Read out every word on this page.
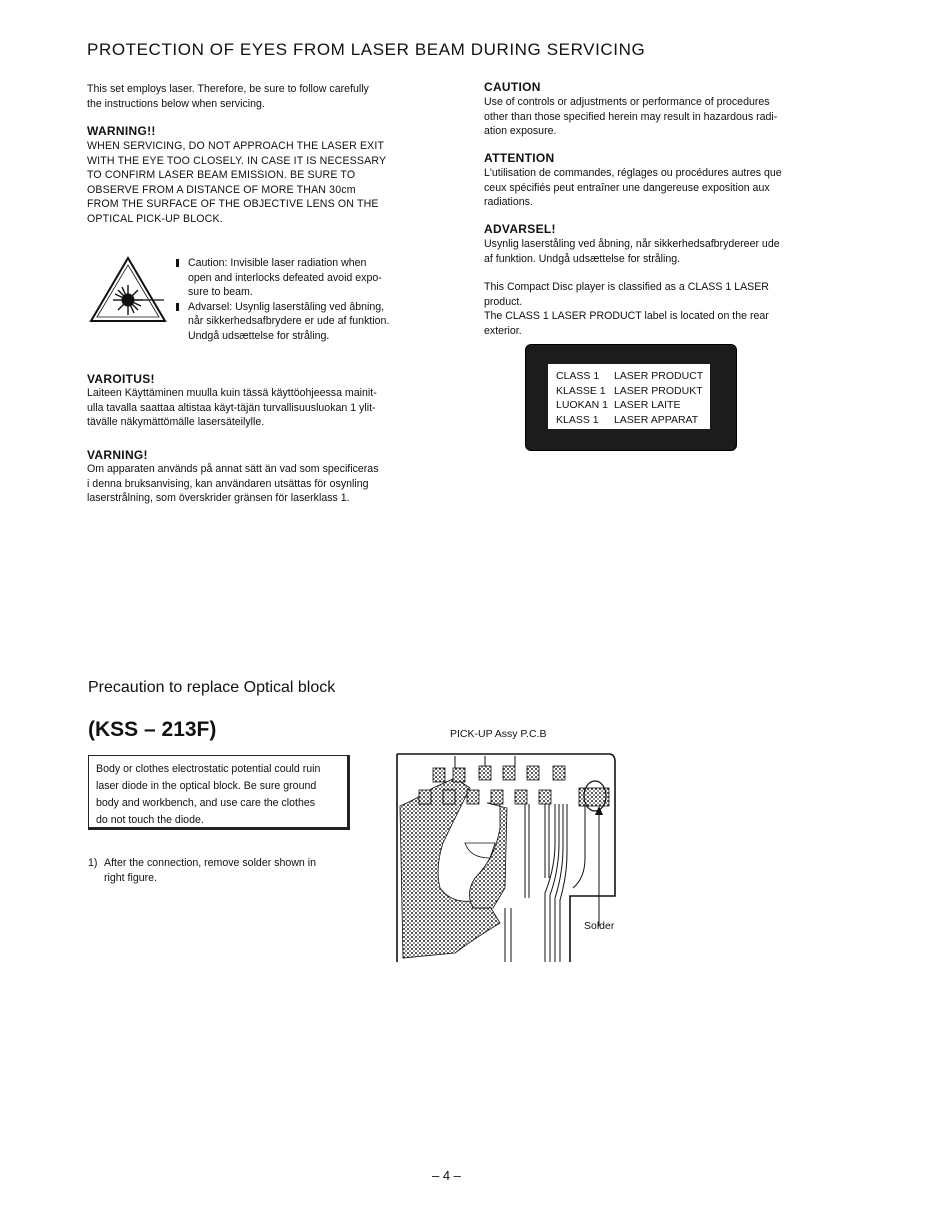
PROTECTION OF EYES FROM LASER BEAM DURING SERVICING
This set employs laser. Therefore, be sure to follow carefully
the instructions below when servicing.
WARNING!!
WHEN SERVICING, DO NOT APPROACH THE LASER EXIT
WITH THE EYE TOO CLOSELY. IN CASE IT IS NECESSARY
TO CONFIRM LASER BEAM EMISSION. BE SURE TO
OBSERVE FROM A DISTANCE OF MORE THAN 30cm
FROM THE SURFACE OF THE OBJECTIVE LENS ON THE
OPTICAL PICK-UP BLOCK.
Caution: Invisible laser radiation when
open and interlocks defeated avoid expo-
sure to beam.
Advarsel: Usynlig laserstâling ved âbning,
når sikkerhedsafbrydere er ude af funktion.
Undgå udsættelse for stråling.
VAROITUS!
Laiteen Käyttäminen muulla kuin tässä käyttöohjeessa mainit-
ulla tavalla saattaa altistaa käyt-täjän turvallisuusluokan 1 ylit-
tävälle näkymättömälle lasersäteilylle.
VARNING!
Om apparaten används på annat sätt än vad som specificeras
i denna bruksanvising, kan användaren utsättas för osynling
laserstrålning, som överskrider gränsen för laserklass 1.
CAUTION
Use of controls or adjustments or performance of procedures
other than those specified herein may result in hazardous radi-
ation exposure.
ATTENTION
L'utilisation de commandes, réglages ou procédures autres que
ceux spécifiés peut entraîner une dangereuse exposition aux
radiations.
ADVARSEL!
Usynlig laserståling ved åbning, når sikkerhedsafbrydereer ude
af funktion. Undgå udsættelse for stråling.
This Compact Disc player is classified as a CLASS 1 LASER
product.
The CLASS 1 LASER PRODUCT label is located on the rear
exterior.
CLASS 1	LASER PRODUCT
KLASSE 1	LASER PRODUKT
LUOKAN 1	LASER LAITE
KLASS 1	LASER APPARAT
Precaution to replace Optical block
(KSS – 213F)
Body or clothes electrostatic potential could ruin
laser diode in the optical block. Be sure ground
body and workbench, and use care the clothes
do not touch the diode.
1) After the connection, remove solder shown in
right figure.
PICK-UP Assy P.C.B
Solder
– 4 –
